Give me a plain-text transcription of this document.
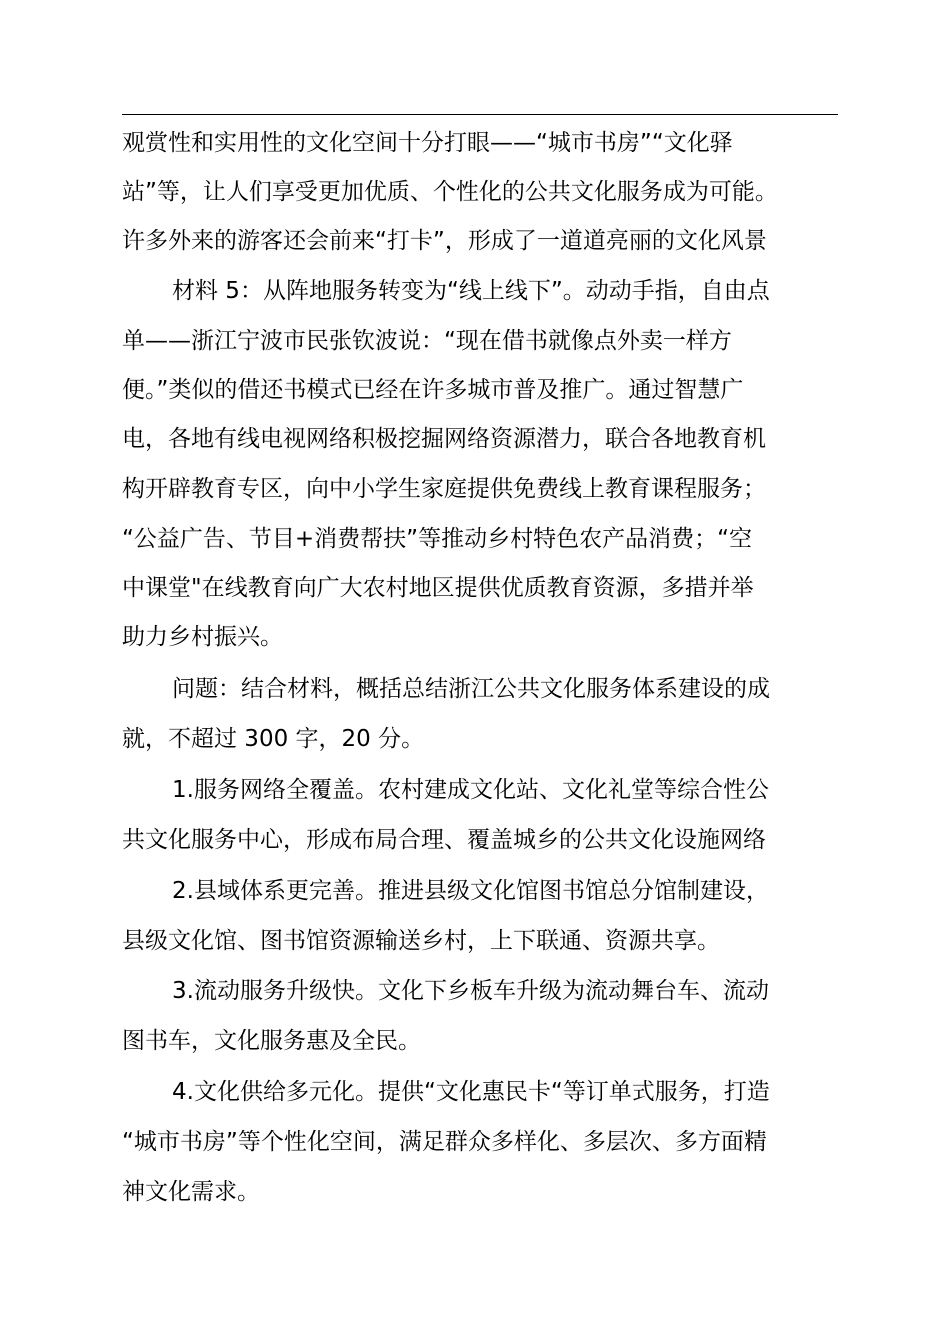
观赏性和实用性的文化空间十分打眼——“城市书房”“文化驿
站”等，让人们享受更加优质、个性化的公共文化服务成为可能。
许多外来的游客还会前来“打卡”，形成了一道道亮丽的文化风景
材料 5：从阵地服务转变为“线上线下”。动动手指，自由点
单——浙江宁波市民张钦波说：“现在借书就像点外卖一样方
便。”类似的借还书模式已经在许多城市普及推广。通过智慧广
电，各地有线电视网络积极挖掘网络资源潜力，联合各地教育机
构开辟教育专区，向中小学生家庭提供免费线上教育课程服务；
“公益广告、节目+消费帮扶”等推动乡村特色农产品消费；“空
中课堂"在线教育向广大农村地区提供优质教育资源，多措并举
助力乡村振兴。
问题：结合材料，概括总结浙江公共文化服务体系建设的成
就，不超过 300 字，20 分。
1.服务网络全覆盖。农村建成文化站、文化礼堂等综合性公
共文化服务中心，形成布局合理、覆盖城乡的公共文化设施网络
2.县域体系更完善。推进县级文化馆图书馆总分馆制建设，
县级文化馆、图书馆资源输送乡村，上下联通、资源共享。
3.流动服务升级快。文化下乡板车升级为流动舞台车、流动
图书车，文化服务惠及全民。
4.文化供给多元化。提供“文化惠民卡“等订单式服务，打造
“城市书房”等个性化空间，满足群众多样化、多层次、多方面精
神文化需求。
